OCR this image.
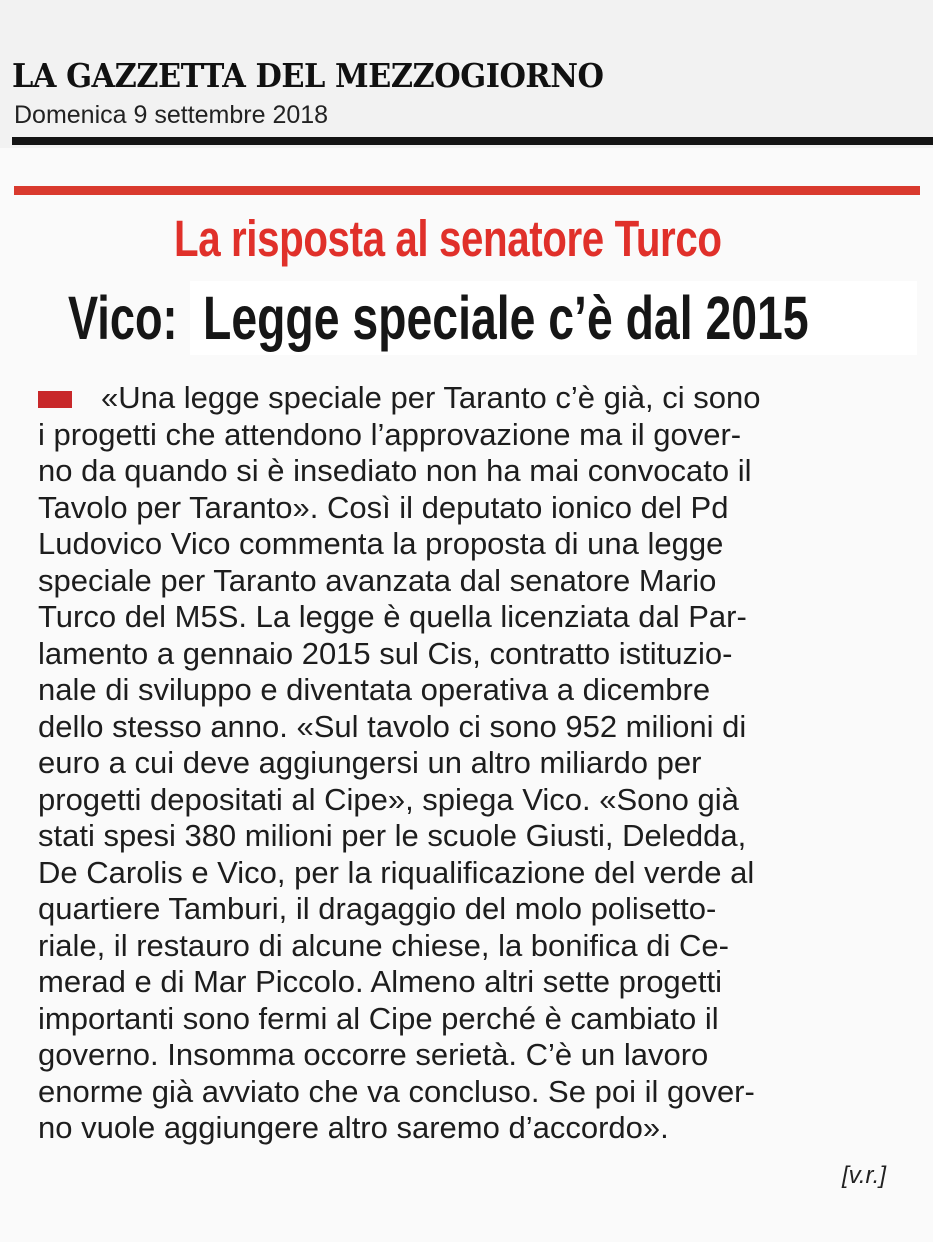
LA GAZZETTA DEL MEZZOGIORNO
Domenica 9 settembre 2018
La risposta al senatore Turco
Vico: Legge speciale c’è dal 2015
«Una legge speciale per Taranto c’è già, ci sono
i progetti che attendono l’approvazione ma il gover-
no da quando si è insediato non ha mai convocato il
Tavolo per Taranto». Così il deputato ionico del Pd
Ludovico Vico commenta la proposta di una legge
speciale per Taranto avanzata dal senatore Mario
Turco del M5S. La legge è quella licenziata dal Par-
lamento a gennaio 2015 sul Cis, contratto istituzio-
nale di sviluppo e diventata operativa a dicembre
dello stesso anno. «Sul tavolo ci sono 952 milioni di
euro a cui deve aggiungersi un altro miliardo per
progetti depositati al Cipe», spiega Vico. «Sono già
stati spesi 380 milioni per le scuole Giusti, Deledda,
De Carolis e Vico, per la riqualificazione del verde al
quartiere Tamburi, il dragaggio del molo polisetto-
riale, il restauro di alcune chiese, la bonifica di Ce-
merad e di Mar Piccolo. Almeno altri sette progetti
importanti sono fermi al Cipe perché è cambiato il
governo. Insomma occorre serietà. C’è un lavoro
enorme già avviato che va concluso. Se poi il gover-
no vuole aggiungere altro saremo d’accordo».
[v.r.]
